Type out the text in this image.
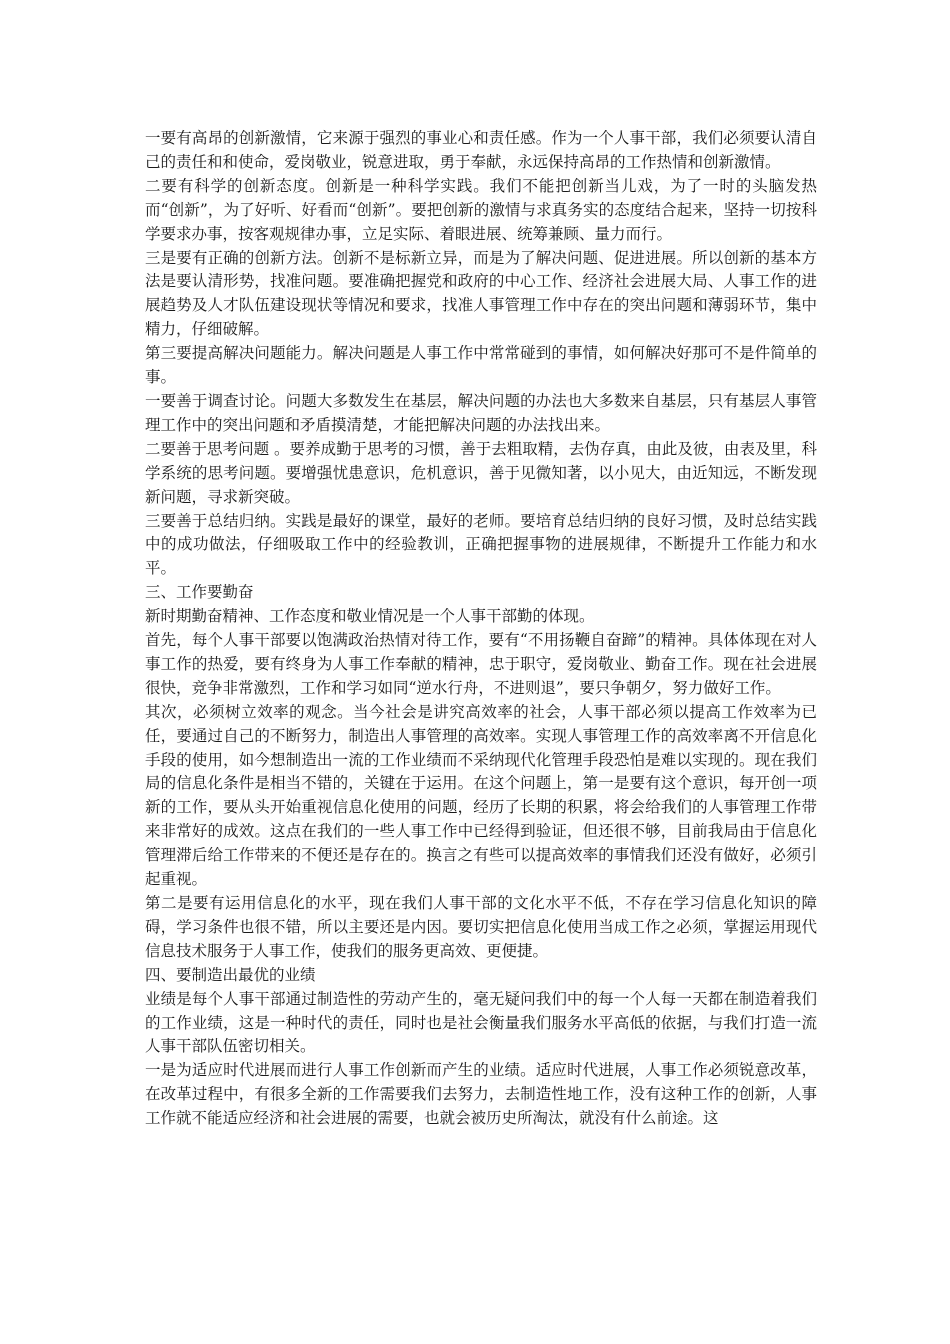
一要有高昂的创新激情，它来源于强烈的事业心和责任感。作为一个人事干部，我们必须要认清自己的责任和和使命，爱岗敬业，锐意进取，勇于奉献，永远保持高昂的工作热情和创新激情。

二要有科学的创新态度。创新是一种科学实践。我们不能把创新当儿戏，为了一时的头脑发热而“创新”，为了好听、好看而“创新”。要把创新的激情与求真务实的态度结合起来，坚持一切按科学要求办事，按客观规律办事，立足实际、着眼进展、统筹兼顾、量力而行。

三是要有正确的创新方法。创新不是标新立异，而是为了解决问题、促进进展。所以创新的基本方法是要认清形势，找准问题。要准确把握党和政府的中心工作、经济社会进展大局、人事工作的进展趋势及人才队伍建设现状等情况和要求，找准人事管理工作中存在的突出问题和薄弱环节，集中精力，仔细破解。

第三要提高解决问题能力。解决问题是人事工作中常常碰到的事情，如何解决好那可不是件简单的事。

一要善于调查讨论。问题大多数发生在基层，解决问题的办法也大多数来自基层，只有基层人事管理工作中的突出问题和矛盾摸清楚，才能把解决问题的办法找出来。

二要善于思考问题 。要养成勤于思考的习惯，善于去粗取精，去伪存真，由此及彼，由表及里，科学系统的思考问题。要增强忧患意识，危机意识，善于见微知著，以小见大，由近知远，不断发现新问题，寻求新突破。

三要善于总结归纳。实践是最好的课堂，最好的老师。要培育总结归纳的良好习惯，及时总结实践中的成功做法，仔细吸取工作中的经验教训，正确把握事物的进展规律，不断提升工作能力和水平。

三、工作要勤奋

新时期勤奋精神、工作态度和敬业情况是一个人事干部勤的体现。

首先，每个人事干部要以饱满政治热情对待工作，要有“不用扬鞭自奋蹄”的精神。具体体现在对人事工作的热爱，要有终身为人事工作奉献的精神，忠于职守，爱岗敬业、勤奋工作。现在社会进展很快，竞争非常激烈，工作和学习如同“逆水行舟，不进则退”，要只争朝夕，努力做好工作。

其次，必须树立效率的观念。当今社会是讲究高效率的社会，人事干部必须以提高工作效率为已任，要通过自己的不断努力，制造出人事管理的高效率。实现人事管理工作的高效率离不开信息化手段的使用，如今想制造出一流的工作业绩而不采纳现代化管理手段恐怕是难以实现的。现在我们局的信息化条件是相当不错的，关键在于运用。在这个问题上，第一是要有这个意识，每开创一项新的工作，要从头开始重视信息化使用的问题，经历了长期的积累，将会给我们的人事管理工作带来非常好的成效。这点在我们的一些人事工作中已经得到验证，但还很不够，目前我局由于信息化管理滞后给工作带来的不便还是存在的。换言之有些可以提高效率的事情我们还没有做好，必须引起重视。

第二是要有运用信息化的水平，现在我们人事干部的文化水平不低，不存在学习信息化知识的障碍，学习条件也很不错，所以主要还是内因。要切实把信息化使用当成工作之必须，掌握运用现代信息技术服务于人事工作，使我们的服务更高效、更便捷。

四、要制造出最优的业绩

业绩是每个人事干部通过制造性的劳动产生的，毫无疑问我们中的每一个人每一天都在制造着我们的工作业绩，这是一种时代的责任，同时也是社会衡量我们服务水平高低的依据，与我们打造一流人事干部队伍密切相关。

一是为适应时代进展而进行人事工作创新而产生的业绩。适应时代进展，人事工作必须锐意改革，在改革过程中，有很多全新的工作需要我们去努力，去制造性地工作，没有这种工作的创新，人事工作就不能适应经济和社会进展的需要，也就会被历史所淘汰，就没有什么前途。这
